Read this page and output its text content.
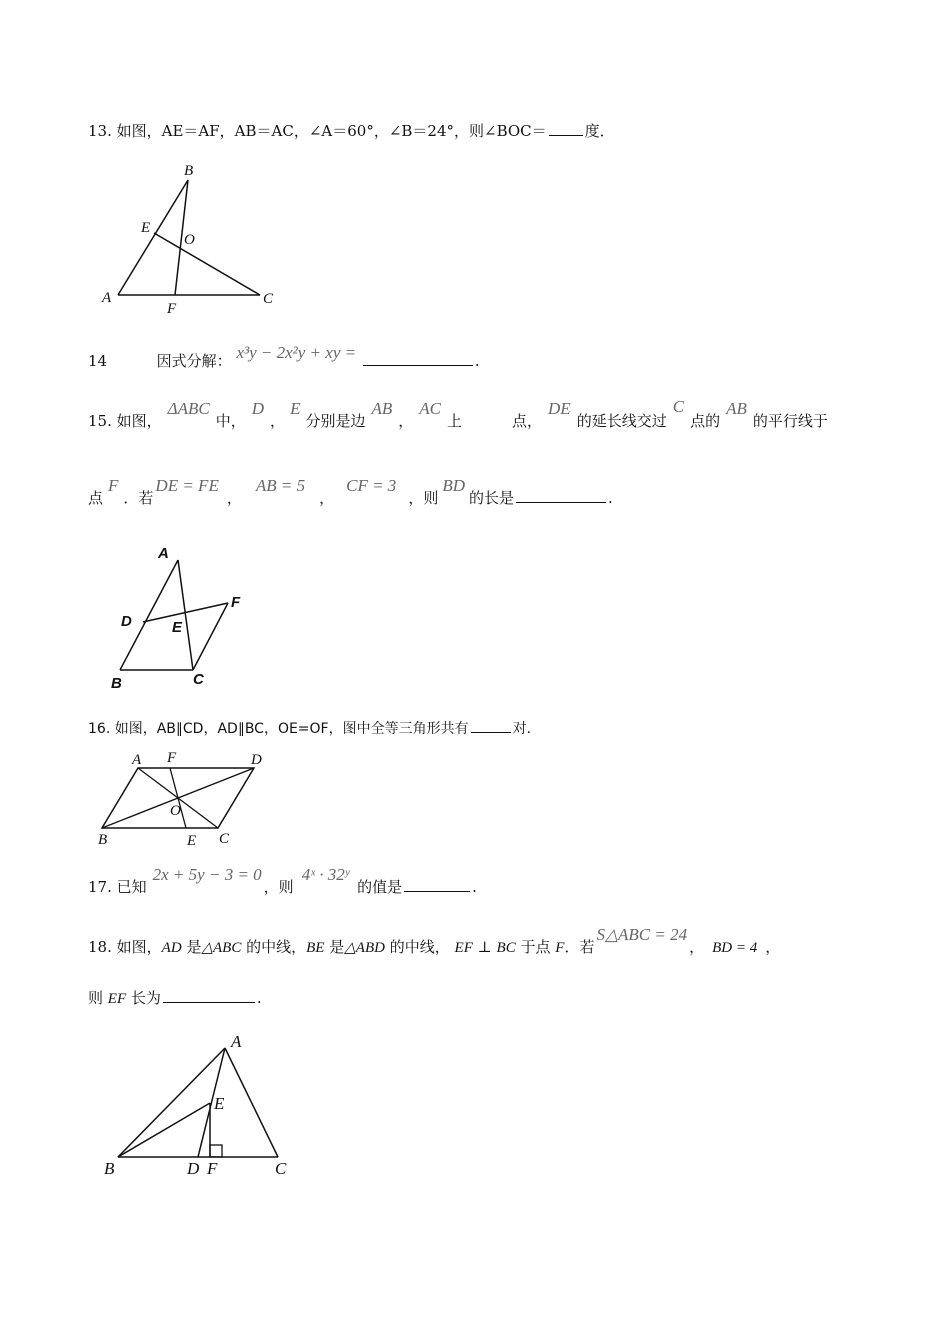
13. 如图，AE＝AF，AB＝AC，∠A＝60°，∠B＝24°，则∠BOC＝	度．
B
E
O
A
F
C
14	因式分解： x³y − 2x²y + xy =	.
15. 如图，ΔABC中，D，E分别是边AB，AC上	点，DE的延长线交过C点的AB的平行线于
点F．若DE = FE，AB = 5，CF = 3，则BD的长是	.
A
D	E
F
B	C
16. 如图，AB∥CD，AD∥BC，OE=OF，图中全等三角形共有	对.
A F	D
O
B	E C
17. 已知2x + 5y − 3 = 0，则4ˣ · 32ʸ的值是	.
18. 如图，AD 是△ABC 的中线，BE 是△ABD 的中线， EF ⊥ BC 于点 F．若S△ABC = 24， BD = 4 ，
则 EF 长为	.
A
E
B	D F	C
